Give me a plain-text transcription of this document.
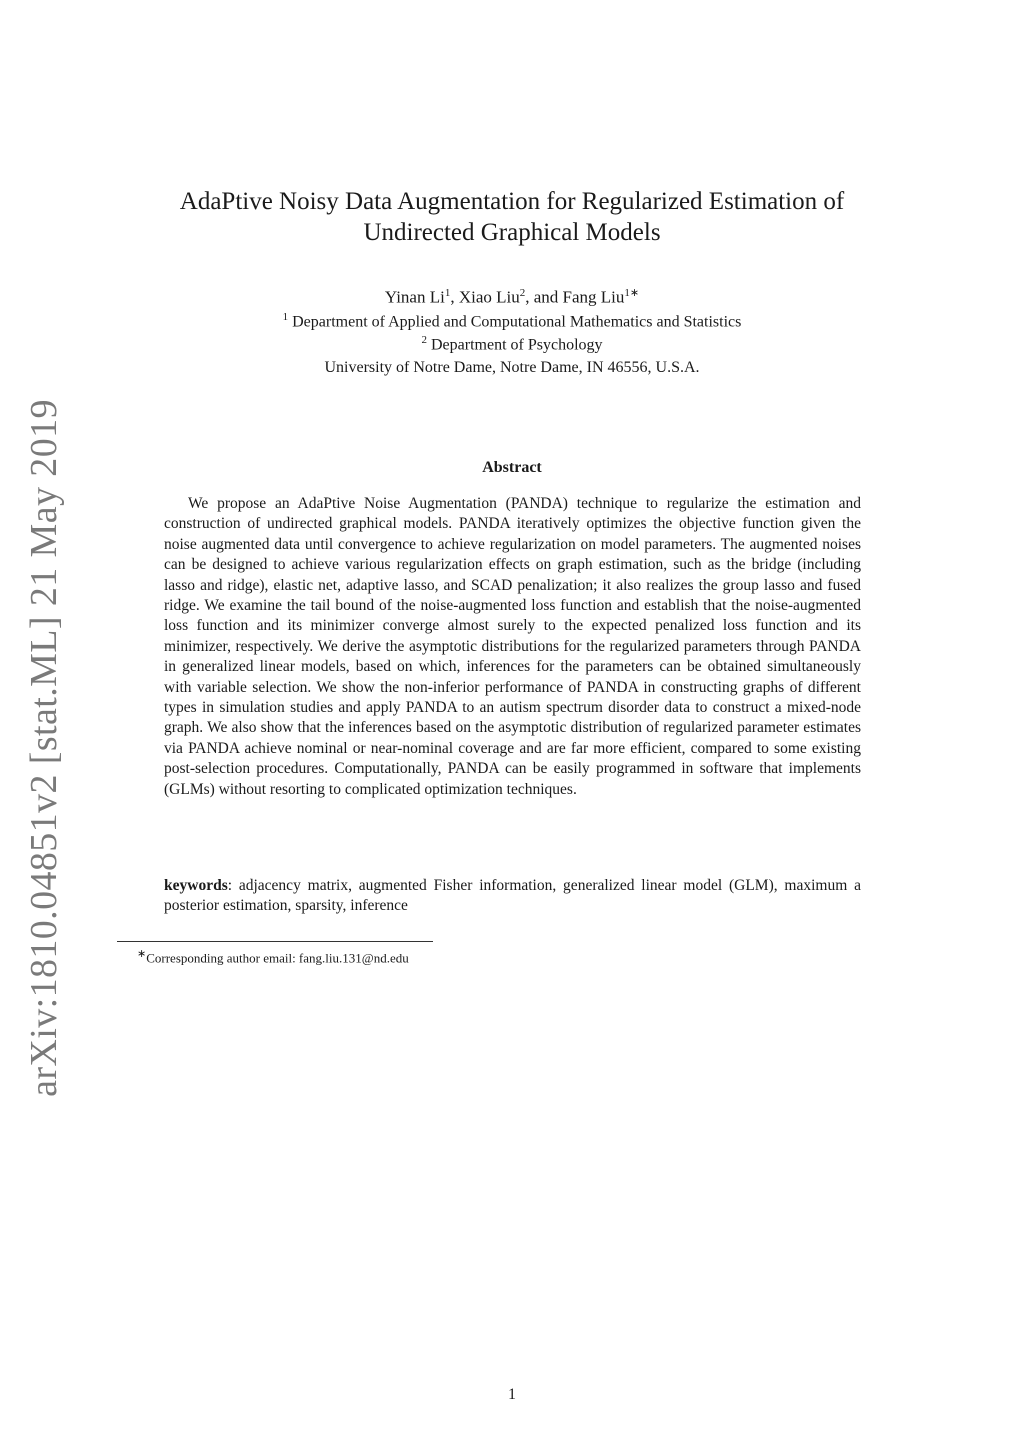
arXiv:1810.04851v2 [stat.ML] 21 May 2019
AdaPtive Noisy Data Augmentation for Regularized Estimation of
Undirected Graphical Models
Yinan Li$^1$, Xiao Liu$^2$, and Fang Liu$^{1∗}$
$^1$ Department of Applied and Computational Mathematics and Statistics
$^2$ Department of Psychology
University of Notre Dame, Notre Dame, IN 46556, U.S.A.
Abstract

We propose an AdaPtive Noise Augmentation (PANDA) technique to regularize the estimation and construction of undirected graphical models. PANDA iteratively optimizes the objective function given the noise augmented data until convergence to achieve regularization on model parameters. The augmented noises can be designed to achieve various regularization effects on graph estimation, such as the bridge (including lasso and ridge), elastic net, adaptive lasso, and SCAD penalization; it also realizes the group lasso and fused ridge. We examine the tail bound of the noise-augmented loss function and establish that the noise-augmented loss function and its minimizer converge almost surely to the expected penalized loss function and its minimizer, respectively. We derive the asymptotic distributions for the regularized parameters through PANDA in generalized linear models, based on which, inferences for the parameters can be obtained simultaneously with variable selection. We show the non-inferior performance of PANDA in constructing graphs of different types in simulation studies and apply PANDA to an autism spectrum disorder data to construct a mixed-node graph. We also show that the inferences based on the asymptotic distribution of regularized parameter estimates via PANDA achieve nominal or near-nominal coverage and are far more efficient, compared to some existing post-selection procedures. Computationally, PANDA can be easily programmed in software that implements (GLMs) without resorting to complicated optimization techniques.

keywords: adjacency matrix, augmented Fisher information, generalized linear model (GLM), maximum a posterior estimation, sparsity, inference

∗Corresponding author email: fang.liu.131@nd.edu
1
